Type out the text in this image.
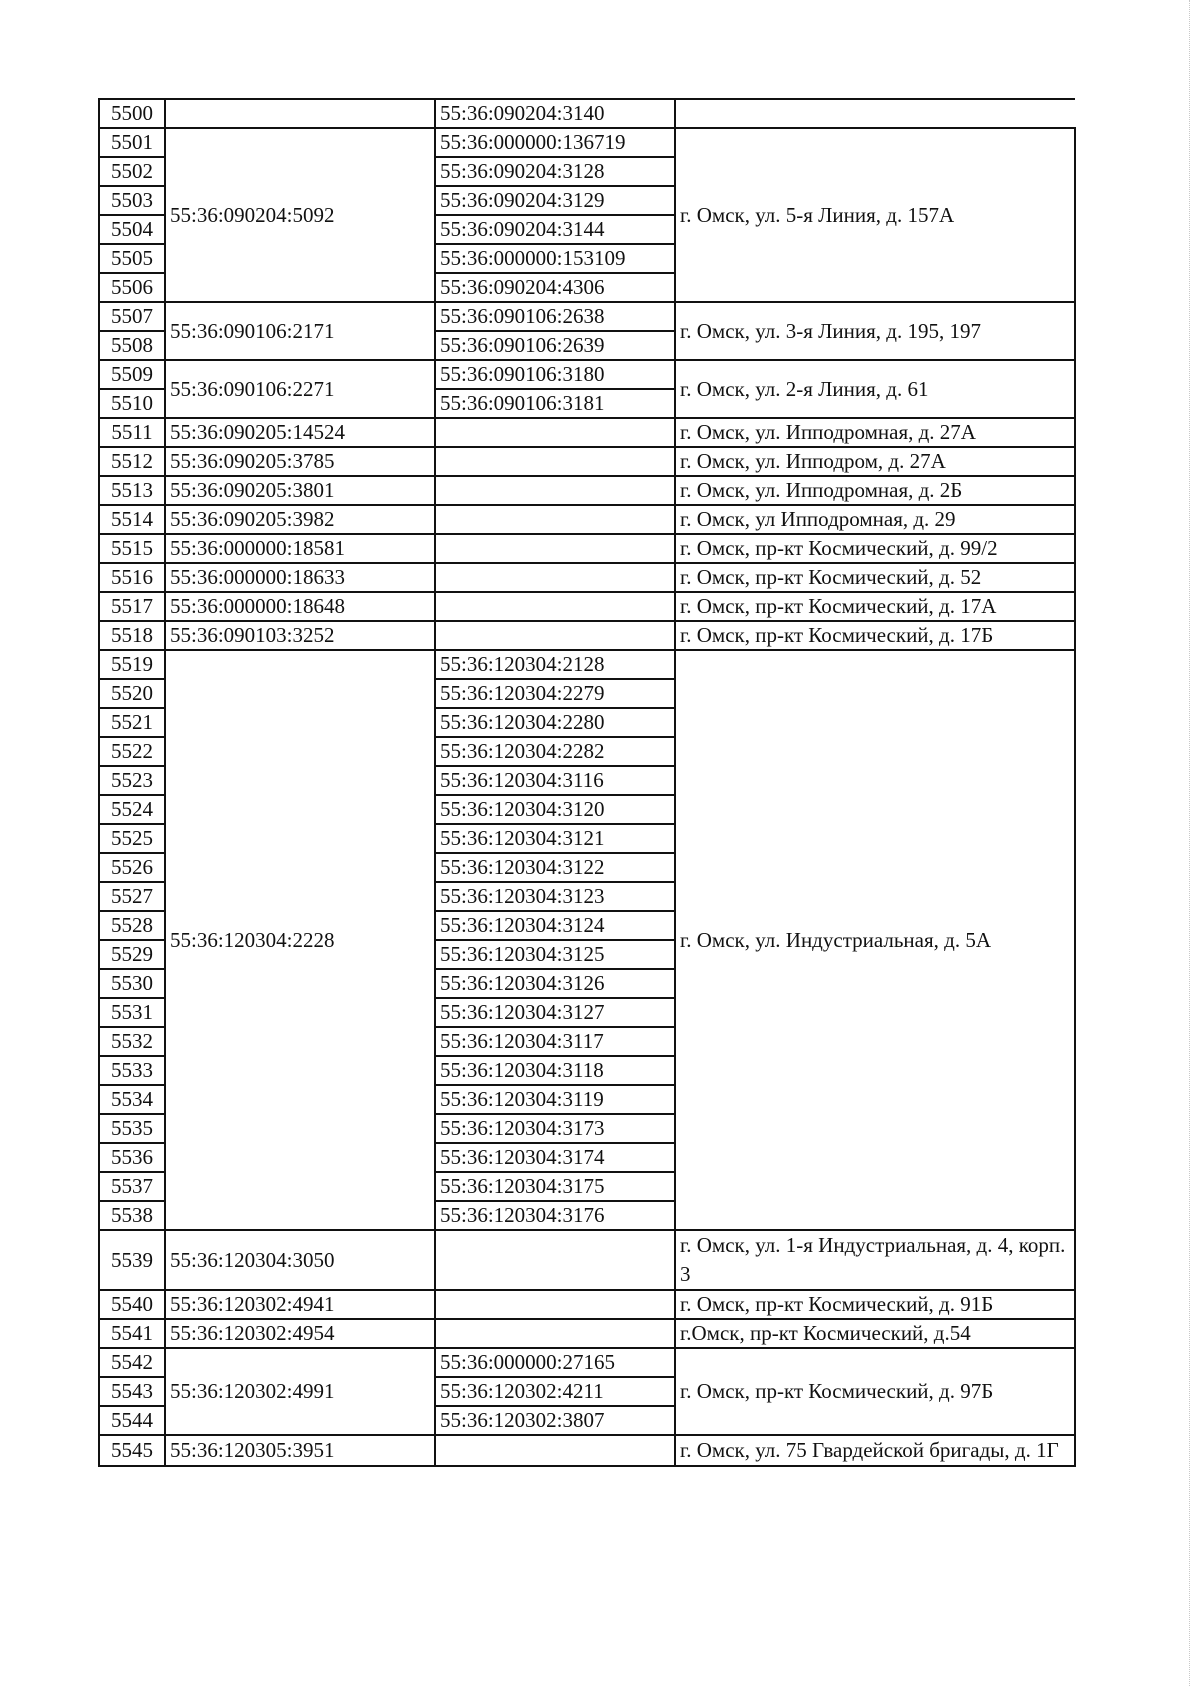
5500		55:36:090204:3140	
5501	55:36:090204:5092	55:36:000000:136719	г. Омск, ул. 5-я Линия, д. 157А
5502		55:36:090204:3128	
5503		55:36:090204:3129	
5504		55:36:090204:3144	
5505		55:36:000000:153109	
5506		55:36:090204:4306	
5507	55:36:090106:2171	55:36:090106:2638	г. Омск, ул. 3-я Линия, д. 195, 197
5508		55:36:090106:2639	
5509	55:36:090106:2271	55:36:090106:3180	г. Омск, ул. 2-я Линия, д. 61
5510		55:36:090106:3181	
5511	55:36:090205:14524		г. Омск, ул. Ипподромная, д. 27А
5512	55:36:090205:3785		г. Омск, ул. Ипподром, д. 27А
5513	55:36:090205:3801		г. Омск, ул. Ипподромная, д. 2Б
5514	55:36:090205:3982		г. Омск, ул Ипподромная, д. 29
5515	55:36:000000:18581		г. Омск, пр-кт Космический, д. 99/2
5516	55:36:000000:18633		г. Омск, пр-кт Космический, д. 52
5517	55:36:000000:18648		г. Омск, пр-кт Космический, д. 17А
5518	55:36:090103:3252		г. Омск, пр-кт Космический, д. 17Б
5519	55:36:120304:2228	55:36:120304:2128	г. Омск, ул. Индустриальная, д. 5А
5520		55:36:120304:2279	
5521		55:36:120304:2280	
5522		55:36:120304:2282	
5523		55:36:120304:3116	
5524		55:36:120304:3120	
5525		55:36:120304:3121	
5526		55:36:120304:3122	
5527		55:36:120304:3123	
5528		55:36:120304:3124	
5529		55:36:120304:3125	
5530		55:36:120304:3126	
5531		55:36:120304:3127	
5532		55:36:120304:3117	
5533		55:36:120304:3118	
5534		55:36:120304:3119	
5535		55:36:120304:3173	
5536		55:36:120304:3174	
5537		55:36:120304:3175	
5538		55:36:120304:3176	
5539	55:36:120304:3050		г. Омск, ул. 1-я Индустриальная, д. 4, корп. 3
5540	55:36:120302:4941		г. Омск, пр-кт Космический, д. 91Б
5541	55:36:120302:4954		г.Омск, пр-кт Космический, д.54
5542	55:36:120302:4991	55:36:000000:27165	г. Омск, пр-кт Космический, д. 97Б
5543		55:36:120302:4211	
5544		55:36:120302:3807	
5545	55:36:120305:3951		г. Омск, ул. 75 Гвардейской бригады, д. 1Г
